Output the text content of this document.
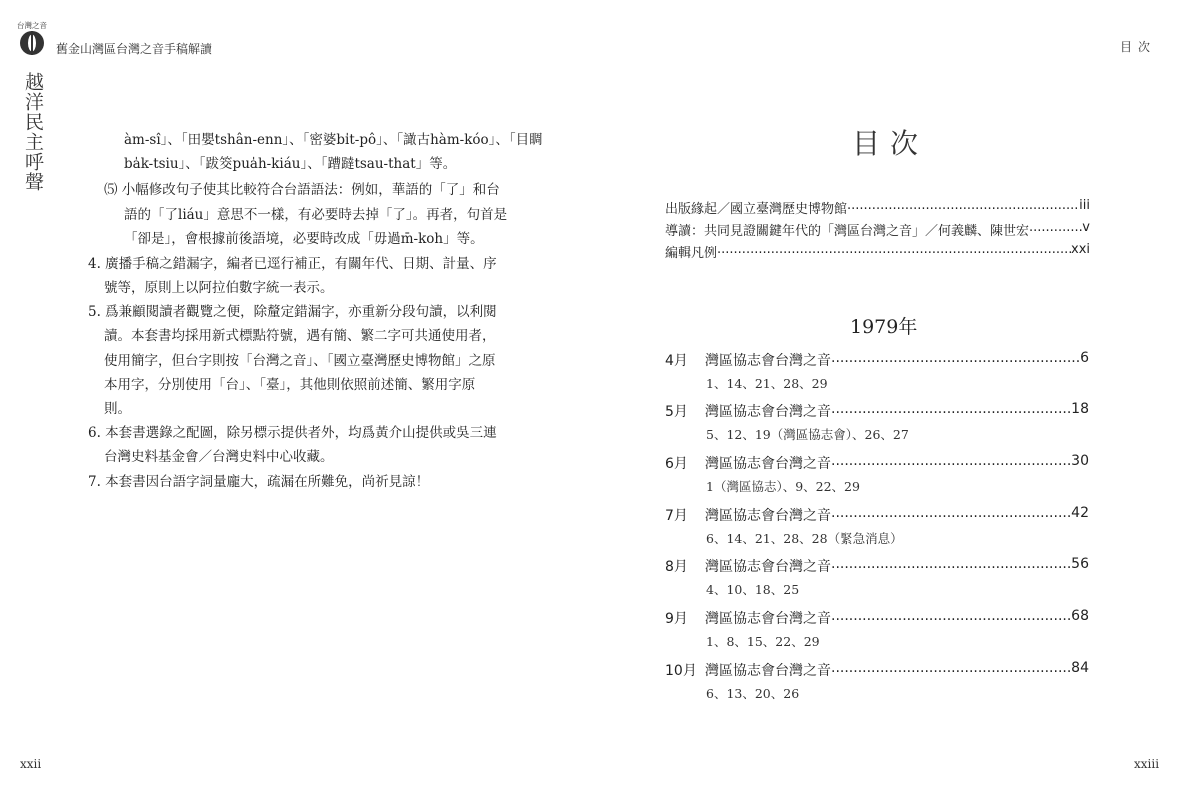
台灣之音
舊金山灣區台灣之音手稿解讀
越洋民主呼聲
目次
àm-sî」、「田嬰tshân-enn」、「密婆bi̍t-pô」、「譀古hàm-kóo」、「目睭
ba̍k-tsiu」、「跋筊pua̍h-kiáu」、「蹧躂tsau-that」等。
⑸ 小幅修改句子使其比較符合台語語法：例如，華語的「了」和台
語的「了liáu」意思不一樣，有必要時去掉「了」。再者，句首是
「卻是」，會根據前後語境，必要時改成「毋過m̄-koh」等。
4. 廣播手稿之錯漏字，編者已逕行補正，有關年代、日期、計量、序
號等，原則上以阿拉伯數字統一表示。
5. 爲兼顧閱讀者觀覽之便，除釐定錯漏字，亦重新分段句讀，以利閱
讀。本套書均採用新式標點符號，遇有簡、繁二字可共通使用者，
使用簡字，但台字則按「台灣之音」、「國立臺灣歷史博物館」之原
本用字，分別使用「台」、「臺」，其他則依照前述簡、繁用字原
則。
6. 本套書選錄之配圖，除另標示提供者外，均爲黃介山提供或吳三連
台灣史料基金會／台灣史料中心收藏。
7. 本套書因台語字詞量龐大，疏漏在所難免，尚祈見諒！
xxii
目次
出版緣起／國立臺灣歷史博物館 .....	iii
導讀：共同見證關鍵年代的「灣區台灣之音」／何義麟、陳世宏 .....	v
編輯凡例 .....	xxi
1979年
4月	灣區協志會台灣之音 .....	6
1、14、21、28、29
5月	灣區協志會台灣之音 .....	18
5、12、19（灣區協志會）、26、27
6月	灣區協志會台灣之音 .....	30
1（灣區協志）、9、22、29
7月	灣區協志會台灣之音 .....	42
6、14、21、28、28（緊急消息）
8月	灣區協志會台灣之音 .....	56
4、10、18、25
9月	灣區協志會台灣之音 .....	68
1、8、15、22、29
10月 灣區協志會台灣之音 .....	84
6、13、20、26
xxiii
